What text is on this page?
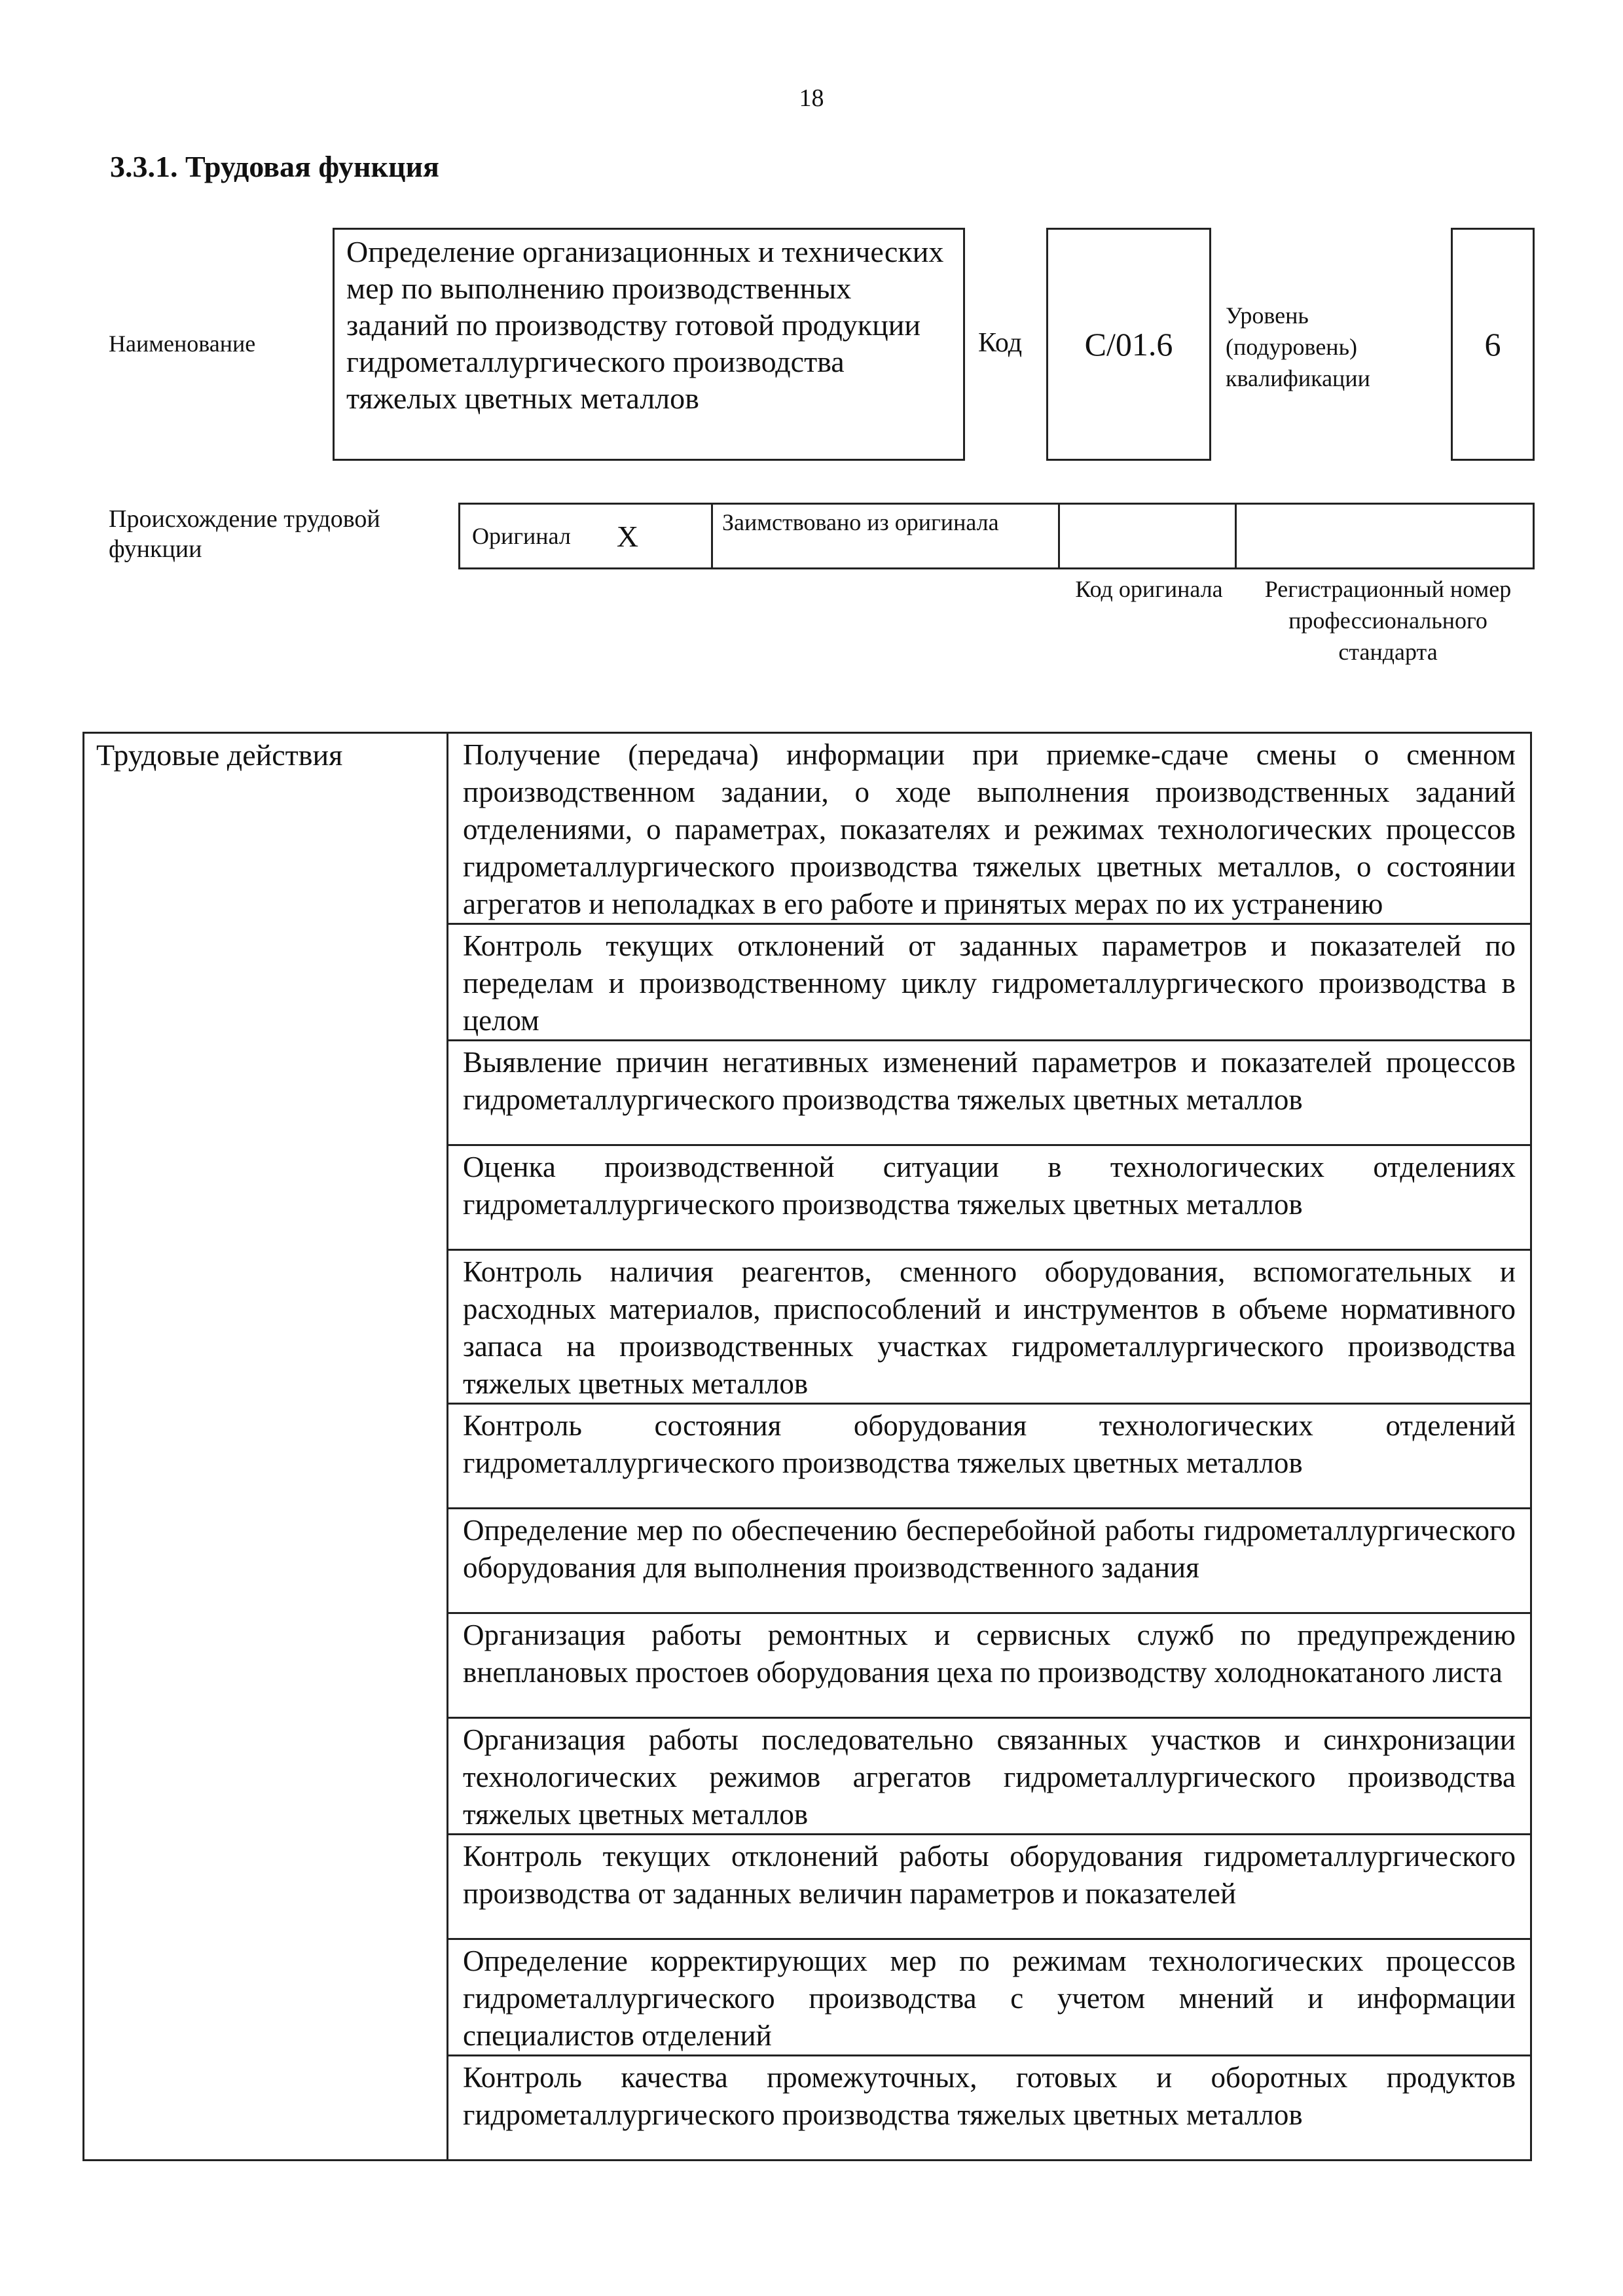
18
3.3.1. Трудовая функция
Наименование
Определение организационных и технических мер по выполнению производственных заданий по производству готовой продукции гидрометаллургического производства тяжелых цветных металлов
Код	C/01.6
Уровень (подуровень) квалификации
6
Происхождение трудовой функции	Оригинал X	Заимствовано из оригинала
Код оригинала	Регистрационный номер профессионального стандарта
Трудовые действия	Получение (передача) информации при приемке-сдаче смены о сменном производственном задании, о ходе выполнения производственных заданий отделениями, о параметрах, показателях и режимах технологических процессов гидрометаллургического производства тяжелых цветных металлов, о состоянии агрегатов и неполадках в его работе и принятых мерах по их устранению
Контроль текущих отклонений от заданных параметров и показателей по переделам и производственному циклу гидрометаллургического производства в целом
Выявление причин негативных изменений параметров и показателей процессов гидрометаллургического производства тяжелых цветных металлов
Оценка производственной ситуации в технологических отделениях гидрометаллургического производства тяжелых цветных металлов
Контроль наличия реагентов, сменного оборудования, вспомогательных и расходных материалов, приспособлений и инструментов в объеме нормативного запаса на производственных участках гидрометаллургического производства тяжелых цветных металлов
Контроль состояния оборудования технологических отделений гидрометаллургического производства тяжелых цветных металлов
Определение мер по обеспечению бесперебойной работы гидрометаллургического оборудования для выполнения производственного задания
Организация работы ремонтных и сервисных служб по предупреждению внеплановых простоев оборудования цеха по производству холоднокатаного листа
Организация работы последовательно связанных участков и синхронизации технологических режимов агрегатов гидрометаллургического производства тяжелых цветных металлов
Контроль текущих отклонений работы оборудования гидрометаллургического производства от заданных величин параметров и показателей
Определение корректирующих мер по режимам технологических процессов гидрометаллургического производства с учетом мнений и информации специалистов отделений
Контроль качества промежуточных, готовых и оборотных продуктов гидрометаллургического производства тяжелых цветных металлов
